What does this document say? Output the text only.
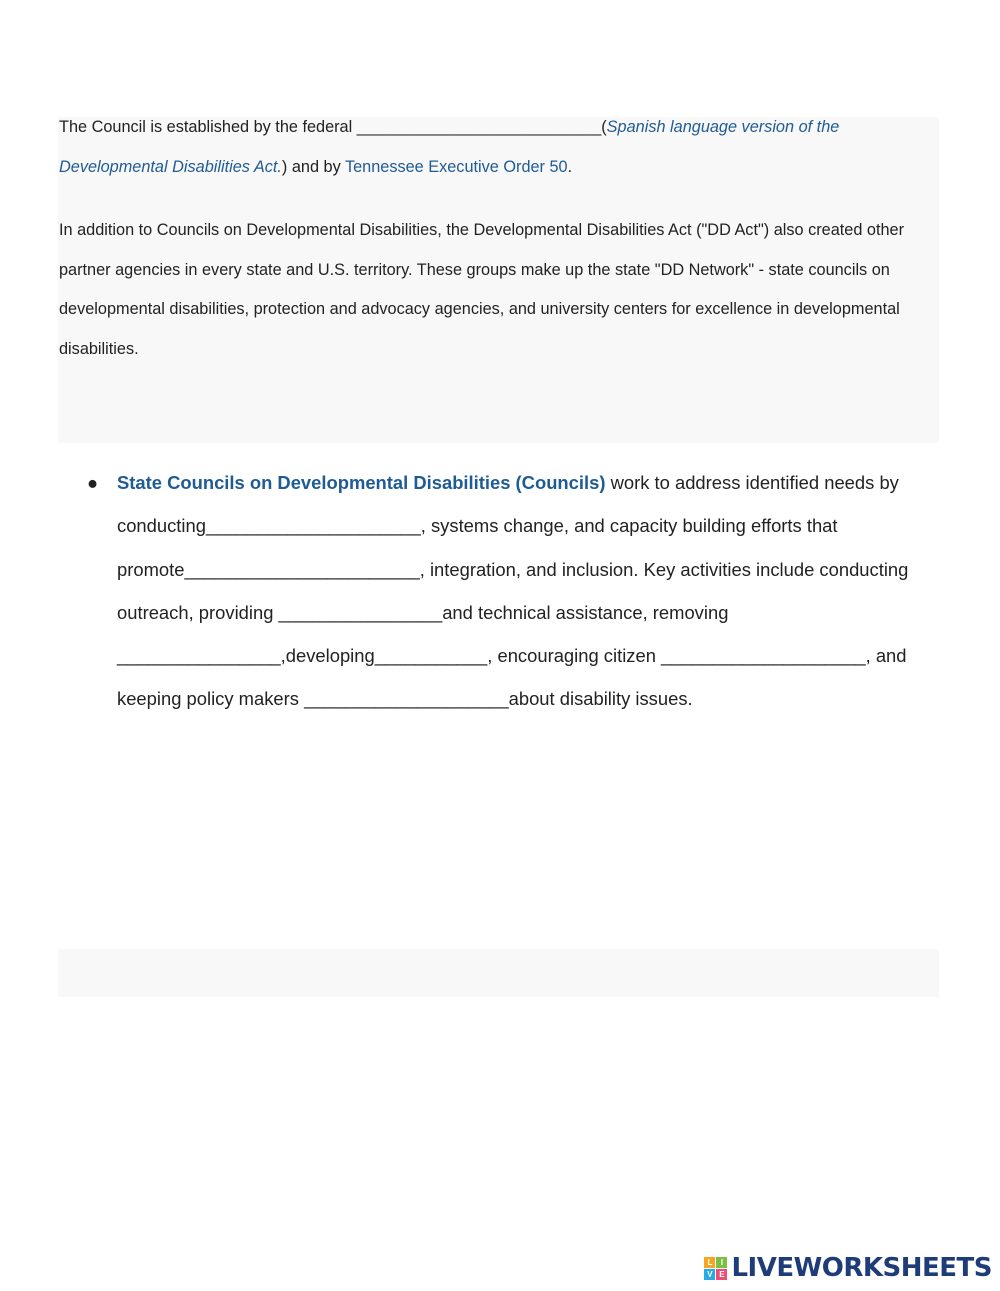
The Council is established by the federal ___________________________(Spanish language version of the Developmental Disabilities Act.) and by Tennessee Executive Order 50.

In addition to Councils on Developmental Disabilities, the Developmental Disabilities Act ("DD Act") also created other partner agencies in every state and U.S. territory. These groups make up the state "DD Network" - state councils on developmental disabilities, protection and advocacy agencies, and university centers for excellence in developmental disabilities.

● State Councils on Developmental Disabilities (Councils) work to address identified needs by conducting_____________________, systems change, and capacity building efforts that promote_______________________, integration, and inclusion. Key activities include conducting outreach, providing ________________and technical assistance, removing ________________,developing___________, encouraging citizen ____________________, and keeping policy makers ____________________about disability issues.

L	I
V E LIVEWORKSHEETS
